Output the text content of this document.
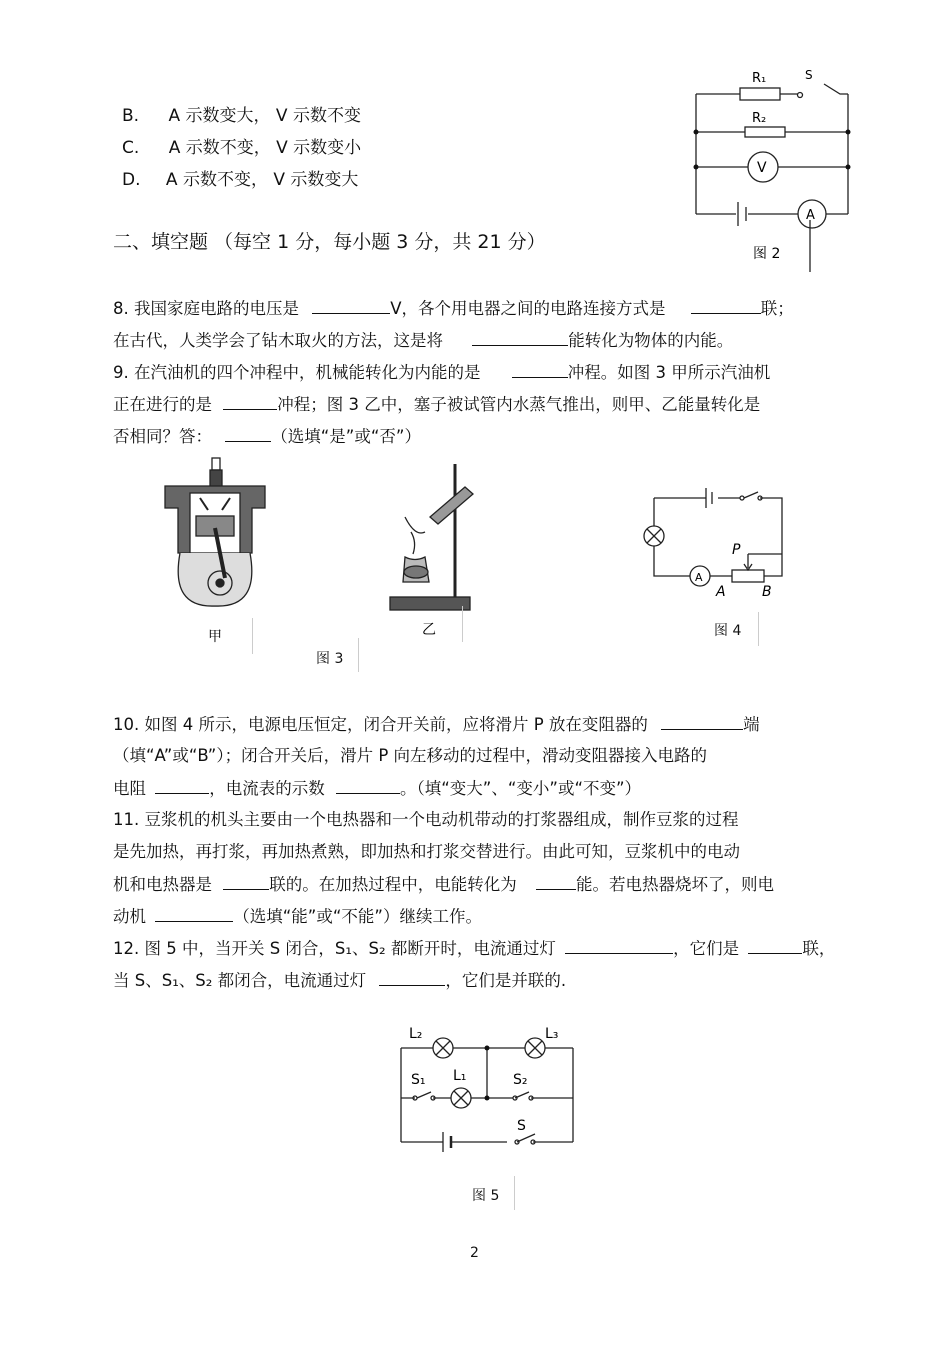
B. A 示数变大， V 示数不变
C. A 示数不变， V 示数变小
D. A 示数不变， V 示数变大
二、填空题 （每空 1 分，每小题 3 分，共 21 分）
R₁
R₂
S
V
A
图 2
8. 我国家庭电路的电压是	V，各个用电器之间的电路连接方式是	联；
在古代，人类学会了钻木取火的方法，这是将	能转化为物体的内能。
9. 在汽油机的四个冲程中，机械能转化为内能的是	冲程。如图 3 甲所示汽油机
正在进行的是	冲程；图 3 乙中，塞子被试管内水蒸气推出，则甲、乙能量转化是
否相同？答：	（选填“是”或“否”）
甲	乙
图 3
P
A
A	B
图 4
10. 如图 4 所示，电源电压恒定，闭合开关前，应将滑片 P 放在变阻器的	端
（填“A”或“B”）；闭合开关后，滑片 P 向左移动的过程中，滑动变阻器接入电路的
电阻	，电流表的示数	。（填“变大”、“变小”或“不变”）
11. 豆浆机的机头主要由一个电热器和一个电动机带动的打浆器组成，制作豆浆的过程
是先加热，再打浆，再加热煮熟，即加热和打浆交替进行。由此可知，豆浆机中的电动
机和电热器是	联的。在加热过程中，电能转化为	能。若电热器烧坏了，则电
动机	（选填“能”或“不能”）继续工作。
12. 图 5 中，当开关 S 闭合，S₁、S₂ 都断开时，电流通过灯	，它们是	联，
当 S、S₁、S₂ 都闭合，电流通过灯	，它们是并联的.
L₂	L₃
L₁
S₁	S₂
S
图 5
2
